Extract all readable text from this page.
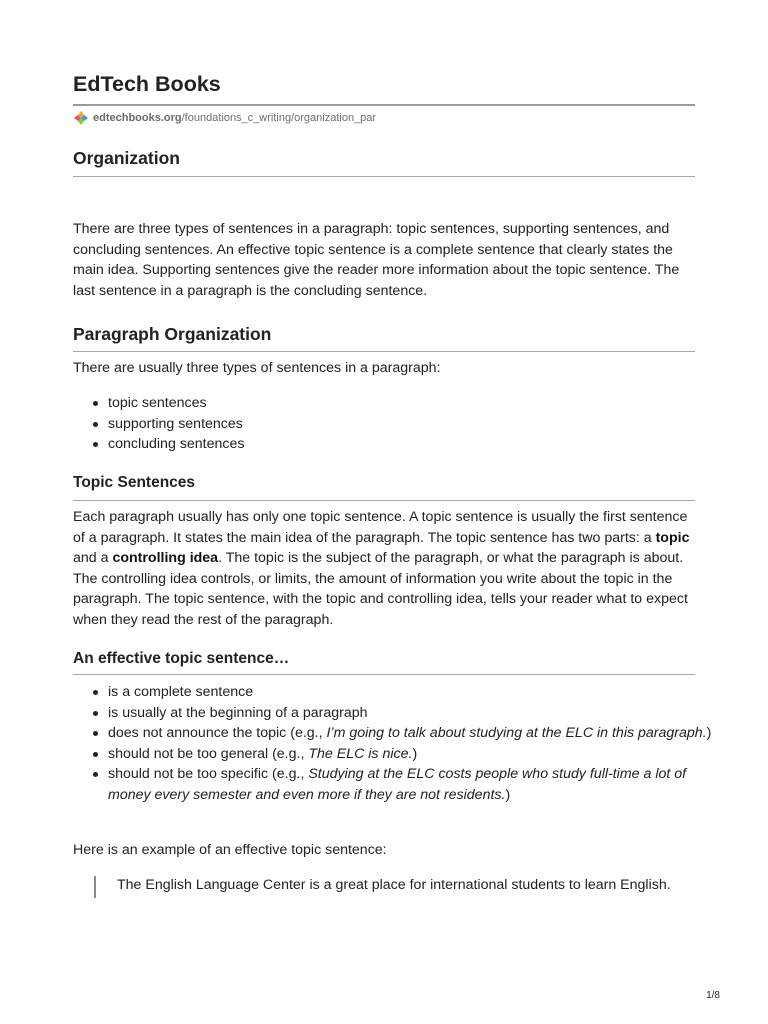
EdTech Books
edtechbooks.org /foundations_c_writing/organization_par
Organization

There are three types of sentences in a paragraph: topic sentences, supporting sentences, and concluding sentences. An effective topic sentence is a complete sentence that clearly states the main idea. Supporting sentences give the reader more information about the topic sentence. The last sentence in a paragraph is the concluding sentence.

Paragraph Organization

There are usually three types of sentences in a paragraph:

topic sentences
supporting sentences
concluding sentences
Topic Sentences

Each paragraph usually has only one topic sentence. A topic sentence is usually the first sentence of a paragraph. It states the main idea of the paragraph. The topic sentence has two parts: a topic and a controlling idea. The topic is the subject of the paragraph, or what the paragraph is about. The controlling idea controls, or limits, the amount of information you write about the topic in the paragraph. The topic sentence, with the topic and controlling idea, tells your reader what to expect when they read the rest of the paragraph.

An effective topic sentence…
is a complete sentence
is usually at the beginning of a paragraph
does not announce the topic (e.g., I’m going to talk about studying at the ELC in this paragraph.)
should not be too general (e.g., The ELC is nice.)
should not be too specific (e.g., Studying at the ELC costs people who study full-time a lot of money every semester and even more if they are not residents.)

Here is an example of an effective topic sentence:

The English Language Center is a great place for international students to learn English.

1/8
